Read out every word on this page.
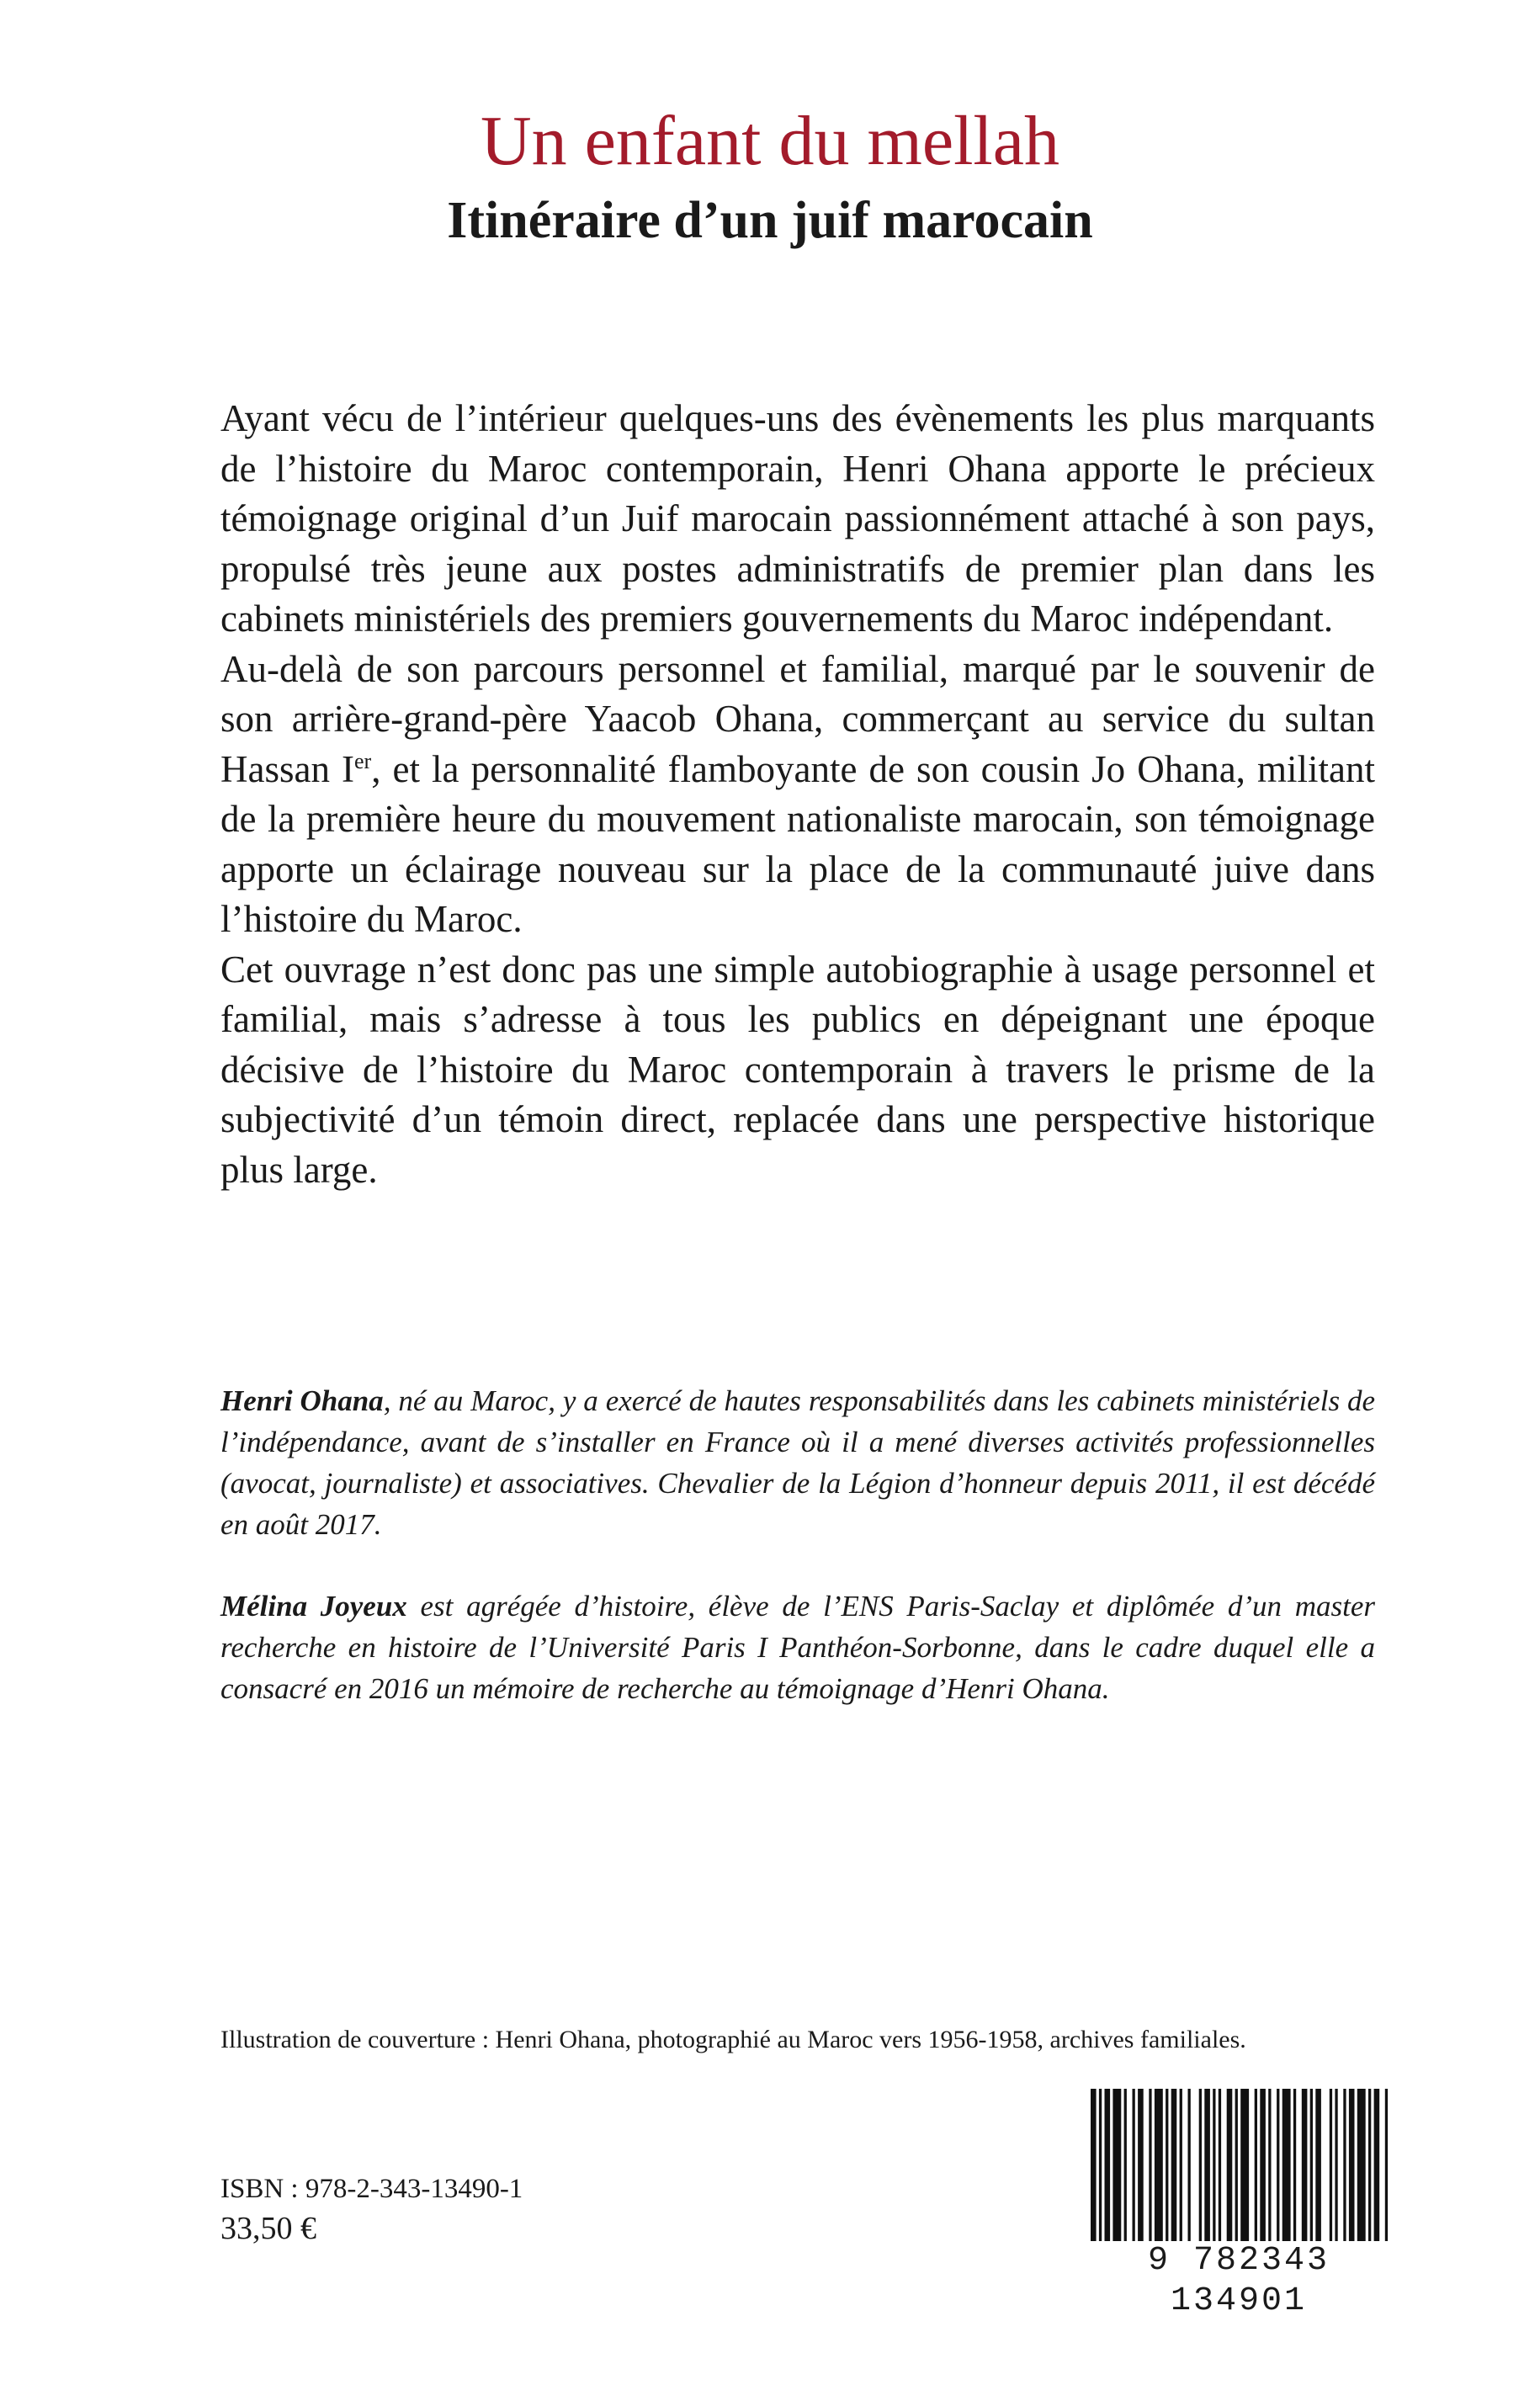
Un enfant du mellah
Itinéraire d’un juif marocain

Ayant vécu de l’intérieur quelques-uns des évènements les plus marquants de l’histoire du Maroc contemporain, Henri Ohana apporte le précieux témoignage original d’un Juif marocain passionnément attaché à son pays, propulsé très jeune aux postes administratifs de premier plan dans les cabinets ministériels des premiers gouvernements du Maroc indépendant.

Au-delà de son parcours personnel et familial, marqué par le souvenir de son arrière-grand-père Yaacob Ohana, commerçant au service du sultan Hassan Ier, et la personnalité flamboyante de son cousin Jo Ohana, militant de la première heure du mouvement nationaliste marocain, son témoignage apporte un éclairage nouveau sur la place de la communauté juive dans l’histoire du Maroc.

Cet ouvrage n’est donc pas une simple autobiographie à usage personnel et familial, mais s’adresse à tous les publics en dépeignant une époque décisive de l’histoire du Maroc contemporain à travers le prisme de la subjectivité d’un témoin direct, replacée dans une perspective historique plus large.

Henri Ohana, né au Maroc, y a exercé de hautes responsabilités dans les cabinets ministériels de l’indépendance, avant de s’installer en France où il a mené diverses activités professionnelles (avocat, journaliste) et associatives. Chevalier de la Légion d’honneur depuis 2011, il est décédé en août 2017.

Mélina Joyeux est agrégée d’histoire, élève de l’ENS Paris-Saclay et diplômée d’un master recherche en histoire de l’Université Paris I Panthéon-Sorbonne, dans le cadre duquel elle a consacré en 2016 un mémoire de recherche au témoignage d’Henri Ohana.

Illustration de couverture : Henri Ohana, photographié au Maroc vers 1956-1958, archives familiales.
ISBN : 978-2-343-13490-1
33,50 €
9 782343 134901
